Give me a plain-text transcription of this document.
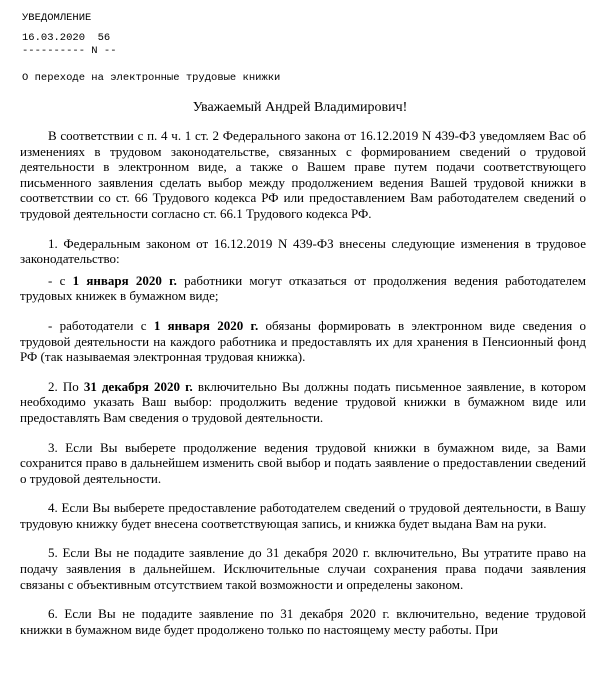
УВЕДОМЛЕНИЕ
16.03.2020  56
---------- N --
О переходе на электронные трудовые книжки
Уважаемый Андрей Владимирович!

В соответствии с п. 4 ч. 1 ст. 2 Федерального закона от 16.12.2019 N 439-ФЗ уведомляем Вас об изменениях в трудовом законодательстве, связанных с формированием сведений о трудовой деятельности в электронном виде, а также о Вашем праве путем подачи соответствующего письменного заявления сделать выбор между продолжением ведения Вашей трудовой книжки в соответствии со ст. 66 Трудового кодекса РФ или предоставлением Вам работодателем сведений о трудовой деятельности согласно ст. 66.1 Трудового кодекса РФ.

1. Федеральным законом от 16.12.2019 N 439-ФЗ внесены следующие изменения в трудовое законодательство:

- с 1 января 2020 г. работники могут отказаться от продолжения ведения работодателем трудовых книжек в бумажном виде;

- работодатели с 1 января 2020 г. обязаны формировать в электронном виде сведения о трудовой деятельности на каждого работника и предоставлять их для хранения в Пенсионный фонд РФ (так называемая электронная трудовая книжка).

2. По 31 декабря 2020 г. включительно Вы должны подать письменное заявление, в котором необходимо указать Ваш выбор: продолжить ведение трудовой книжки в бумажном виде или предоставлять Вам сведения о трудовой деятельности.

3. Если Вы выберете продолжение ведения трудовой книжки в бумажном виде, за Вами сохранится право в дальнейшем изменить свой выбор и подать заявление о предоставлении сведений о трудовой деятельности.

4. Если Вы выберете предоставление работодателем сведений о трудовой деятельности, в Вашу трудовую книжку будет внесена соответствующая запись, и книжка будет выдана Вам на руки.

5. Если Вы не подадите заявление до 31 декабря 2020 г. включительно, Вы утратите право на подачу заявления в дальнейшем. Исключительные случаи сохранения права подачи заявления связаны с объективным отсутствием такой возможности и определены законом.

6. Если Вы не подадите заявление по 31 декабря 2020 г. включительно, ведение трудовой книжки в бумажном виде будет продолжено только по настоящему месту работы. При
